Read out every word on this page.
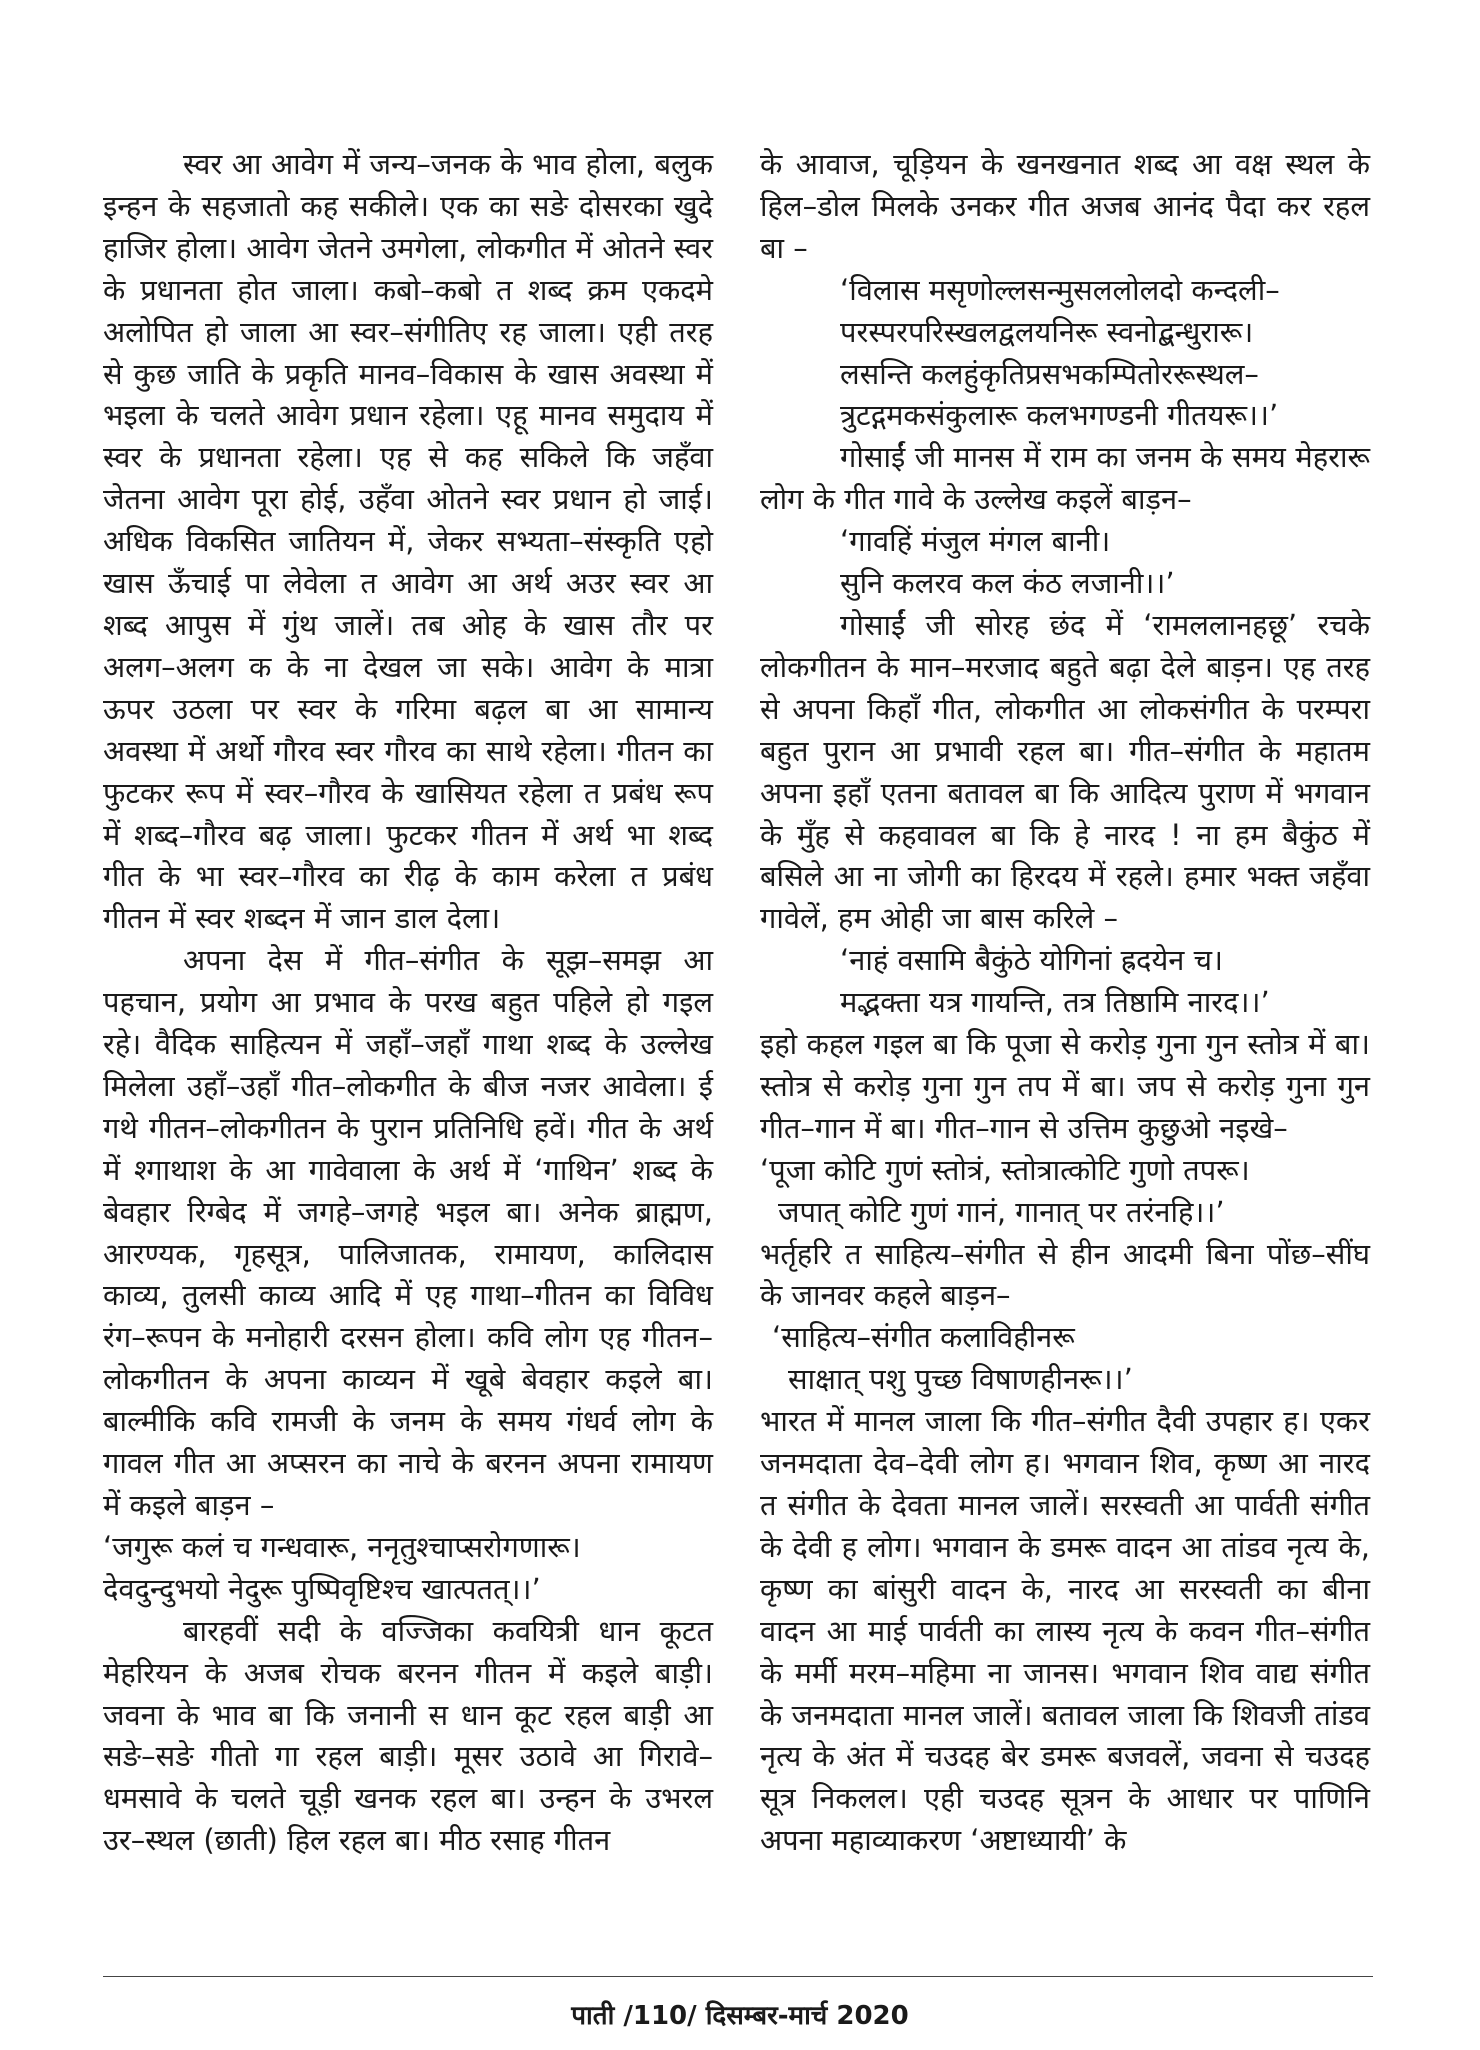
स्वर आ आवेग में जन्य–जनक के भाव होला, बलुक इन्हन के सहजातो कह सकीले। एक का सङे दोसरका खुदे हाजिर होला। आवेग जेतने उमगेला, लोकगीत में ओतने स्वर के प्रधानता होत जाला। कबो–कबो त शब्द क्रम एकदमे अलोपित हो जाला आ स्वर–संगीतिए रह जाला। एही तरह से कुछ जाति के प्रकृति मानव–विकास के खास अवस्था में भइला के चलते आवेग प्रधान रहेला। एहू मानव समुदाय में स्वर के प्रधानता रहेला। एह से कह सकिले कि जहँवा जेतना आवेग पूरा होई, उहँवा ओतने स्वर प्रधान हो जाई। अधिक विकसित जातियन में, जेकर सभ्यता–संस्कृति एहो खास ऊँचाई पा लेवेला त आवेग आ अर्थ अउर स्वर आ शब्द आपुस में गुंथ जालें। तब ओह के खास तौर पर अलग–अलग क के ना देखल जा सके। आवेग के मात्रा ऊपर उठला पर स्वर के गरिमा बढ़ल बा आ सामान्य अवस्था में अर्थो गौरव स्वर गौरव का साथे रहेला। गीतन का फुटकर रूप में स्वर–गौरव के खासियत रहेला त प्रबंध रूप में शब्द–गौरव बढ़ जाला। फुटकर गीतन में अर्थ भा शब्द गीत के भा स्वर–गौरव का रीढ़ के काम करेला त प्रबंध गीतन में स्वर शब्दन में जान डाल देला।

अपना देस में गीत–संगीत के सूझ–समझ आ पहचान, प्रयोग आ प्रभाव के परख बहुत पहिले हो गइल रहे। वैदिक साहित्यन में जहाँ–जहाँ गाथा शब्द के उल्लेख मिलेला उहाँ–उहाँ गीत–लोकगीत के बीज नजर आवेला। ई गथे गीतन–लोकगीतन के पुरान प्रतिनिधि हवें। गीत के अर्थ में श्गाथाश के आ गावेवाला के अर्थ में ‘गाथिन’ शब्द के बेवहार रिग्बेद में जगहे–जगहे भइल बा। अनेक ब्राह्मण, आरण्यक, गृहसूत्र, पालिजातक, रामायण, कालिदास काव्य, तुलसी काव्य आदि में एह गाथा–गीतन का विविध रंग–रूपन के मनोहारी दरसन होला। कवि लोग एह गीतन–लोकगीतन के अपना काव्यन में खूबे बेवहार कइले बा। बाल्मीकि कवि रामजी के जनम के समय गंधर्व लोग के गावल गीत आ अप्सरन का नाचे के बरनन अपना रामायण में कइले बाड़न –

‘जगुरू कलं च गन्धवारू, ननृतुश्चाप्सरोगणारू।

देवदुन्दुभयो नेदुरू पुष्पिवृष्टिश्च खात्पतत्।।’

बारहवीं सदी के वज्जिका कवयित्री धान कूटत मेहरियन के अजब रोचक बरनन गीतन में कइले बाड़ी। जवना के भाव बा कि जनानी स धान कूट रहल बाड़ी आ सङे–सङे गीतो गा रहल बाड़ी। मूसर उठावे आ गिरावे–धमसावे के चलते चूड़ी खनक रहल बा। उन्हन के उभरल उर–स्थल (छाती) हिल रहल बा। मीठ रसाह गीतन

के आवाज, चूड़ियन के खनखनात शब्द आ वक्ष स्थल के हिल–डोल मिलके उनकर गीत अजब आनंद पैदा कर रहल बा –

‘विलास मसृणोल्लसन्मुसललोलदो कन्दली–

परस्परपरिस्खलद्वलयनिरू स्वनोद्बन्धुरारू।

लसन्ति कलहुंकृतिप्रसभकम्पितोररूस्थल–

त्रुटद्गमकसंकुलारू कलभगण्डनी गीतयरू।।’

गोसाईं जी मानस में राम का जनम के समय मेहरारू लोग के गीत गावे के उल्लेख कइलें बाड़न–

‘गावहिं मंजुल मंगल बानी।

सुनि कलरव कल कंठ लजानी।।’

गोसाईं जी सोरह छंद में ‘रामललानहछू’ रचके लोकगीतन के मान–मरजाद बहुते बढ़ा देले बाड़न। एह तरह से अपना किहाँ गीत, लोकगीत आ लोकसंगीत के परम्परा बहुत पुरान आ प्रभावी रहल बा। गीत–संगीत के महातम अपना इहाँ एतना बतावल बा कि आदित्य पुराण में भगवान के मुँह से कहवावल बा कि हे नारद ! ना हम बैकुंठ में बसिले आ ना जोगी का हिरदय में रहले। हमार भक्त जहँवा गावेलें, हम ओही जा बास करिले –

‘नाहं वसामि बैकुंठे योगिनां ह्रदयेन च।

मद्भक्ता यत्र गायन्ति, तत्र तिष्ठामि नारद।।’

इहो कहल गइल बा कि पूजा से करोड़ गुना गुन स्तोत्र में बा। स्तोत्र से करोड़ गुना गुन तप में बा। जप से करोड़ गुना गुन गीत–गान में बा। गीत–गान से उत्तिम कुछुओ नइखे–

‘पूजा कोटि गुणं स्तोत्रं, स्तोत्रात्कोटि गुणो तपरू।

जपात् कोटि गुणं गानं, गानात् पर तरंनहि।।’

भर्तृहरि त साहित्य–संगीत से हीन आदमी बिना पोंछ–सींघ के जानवर कहले बाड़न–

‘साहित्य–संगीत कलाविहीनरू

साक्षात् पशु पुच्छ विषाणहीनरू।।’

भारत में मानल जाला कि गीत–संगीत दैवी उपहार ह। एकर जनमदाता देव–देवी लोग ह। भगवान शिव, कृष्ण आ नारद त संगीत के देवता मानल जालें। सरस्वती आ पार्वती संगीत के देवी ह लोग। भगवान के डमरू वादन आ तांडव नृत्य के, कृष्ण का बांसुरी वादन के, नारद आ सरस्वती का बीना वादन आ माई पार्वती का लास्य नृत्य के कवन गीत–संगीत के मर्मी मरम–महिमा ना जानस। भगवान शिव वाद्य संगीत के जनमदाता मानल जालें। बतावल जाला कि शिवजी तांडव नृत्य के अंत में चउदह बेर डमरू बजवलें, जवना से चउदह सूत्र निकलल। एही चउदह सूत्रन के आधार पर पाणिनि अपना महाव्याकरण ‘अष्टाध्यायी’ के

पाती /110/ दिसम्बर-मार्च 2020
